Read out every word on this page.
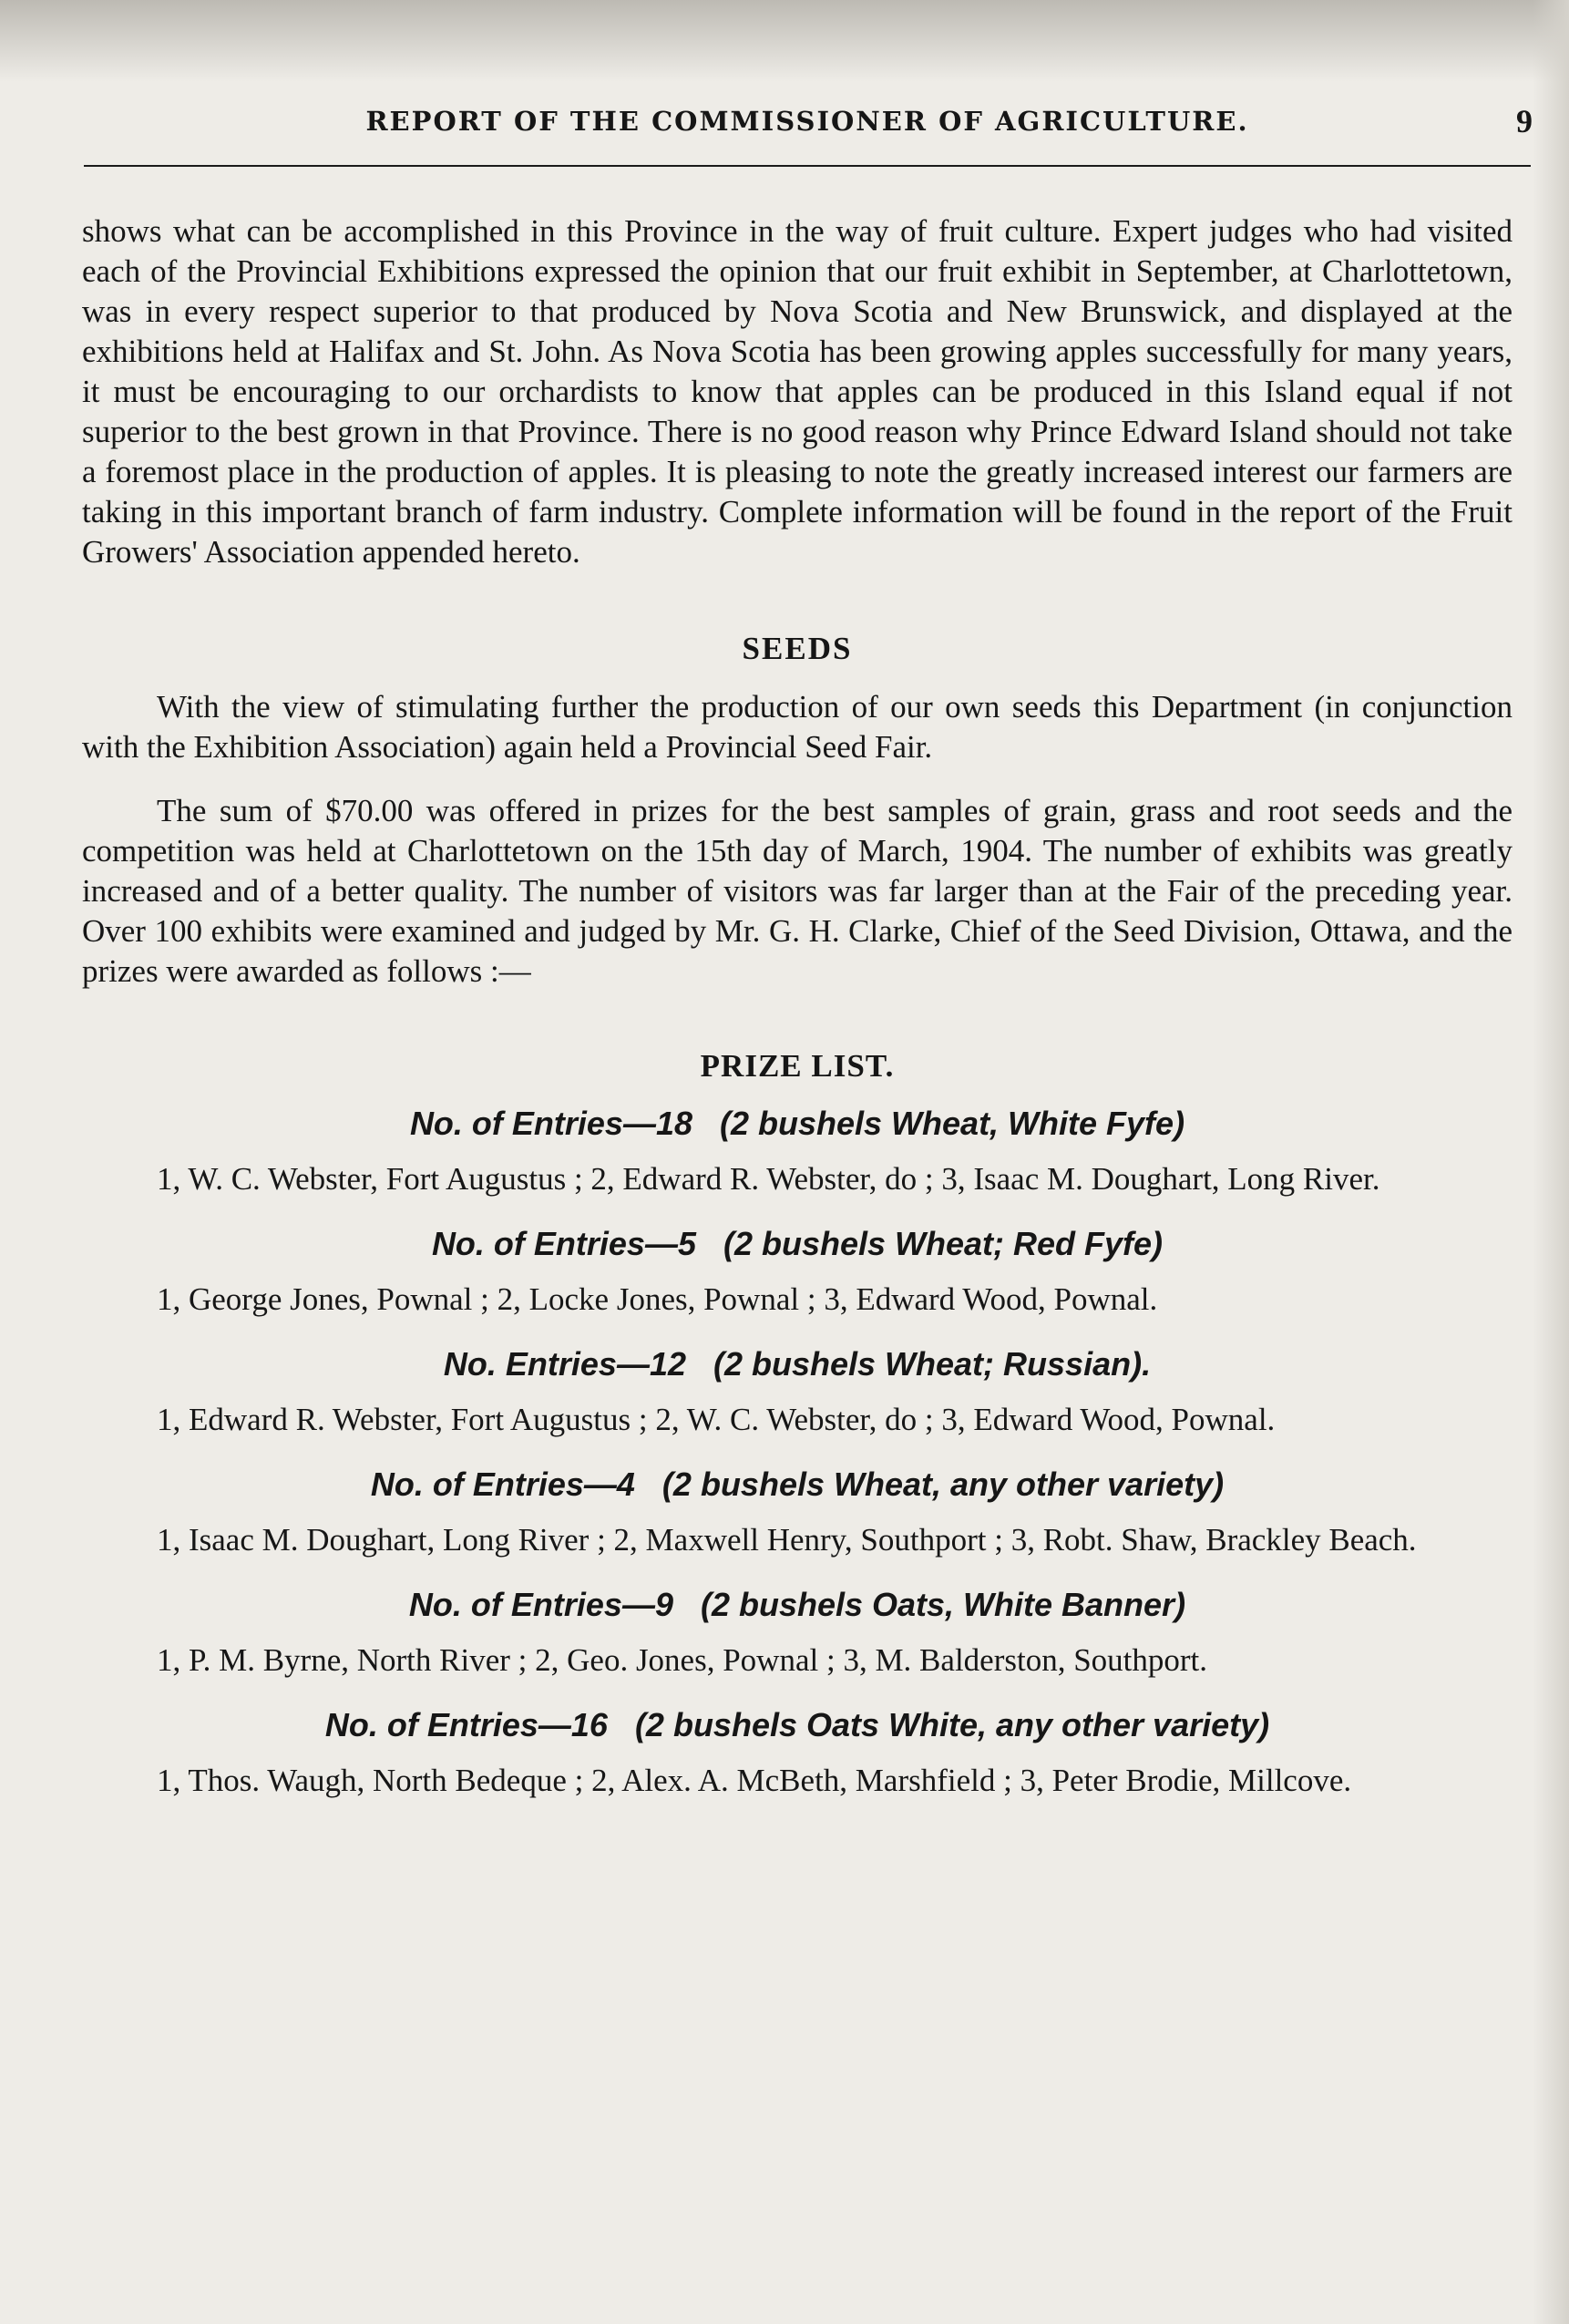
REPORT OF THE COMMISSIONER OF AGRICULTURE.	9

shows what can be accomplished in this Province in the way of fruit culture. Expert judges who had visited each of the Provincial Exhibitions expressed the opinion that our fruit exhibit in September, at Charlottetown, was in every respect superior to that produced by Nova Scotia and New Brunswick, and displayed at the exhibitions held at Halifax and St. John. As Nova Scotia has been growing apples successfully for many years, it must be encouraging to our orchardists to know that apples can be produced in this Island equal if not superior to the best grown in that Province. There is no good reason why Prince Edward Island should not take a foremost place in the production of apples. It is pleasing to note the greatly increased interest our farmers are taking in this important branch of farm industry. Complete information will be found in the report of the Fruit Growers' Association appended hereto.

SEEDS

With the view of stimulating further the production of our own seeds this Department (in conjunction with the Exhibition Association) again held a Provincial Seed Fair.

The sum of $70.00 was offered in prizes for the best samples of grain, grass and root seeds and the competition was held at Charlottetown on the 15th day of March, 1904. The number of exhibits was greatly increased and of a better quality. The number of visitors was far larger than at the Fair of the preceding year. Over 100 exhibits were examined and judged by Mr. G. H. Clarke, Chief of the Seed Division, Ottawa, and the prizes were awarded as follows :—

PRIZE LIST.

No. of Entries—18   (2 bushels Wheat, White Fyfe)

1, W. C. Webster, Fort Augustus ; 2, Edward R. Webster, do ; 3, Isaac M. Doughart, Long River.

No. of Entries—5   (2 bushels Wheat; Red Fyfe)

1, George Jones, Pownal ; 2, Locke Jones, Pownal ; 3, Edward Wood, Pownal.

No. Entries—12   (2 bushels Wheat; Russian).

1, Edward R. Webster, Fort Augustus ; 2, W. C. Webster, do ; 3, Edward Wood, Pownal.

No. of Entries—4   (2 bushels Wheat, any other variety)

1, Isaac M. Doughart, Long River ; 2, Maxwell Henry, Southport ; 3, Robt. Shaw, Brackley Beach.

No. of Entries—9   (2 bushels Oats, White Banner)

1, P. M. Byrne, North River ; 2, Geo. Jones, Pownal ; 3, M. Balderston, Southport.

No. of Entries—16   (2 bushels Oats White, any other variety)

1, Thos. Waugh, North Bedeque ; 2, Alex. A. McBeth, Marshfield ; 3, Peter Brodie, Millcove.
